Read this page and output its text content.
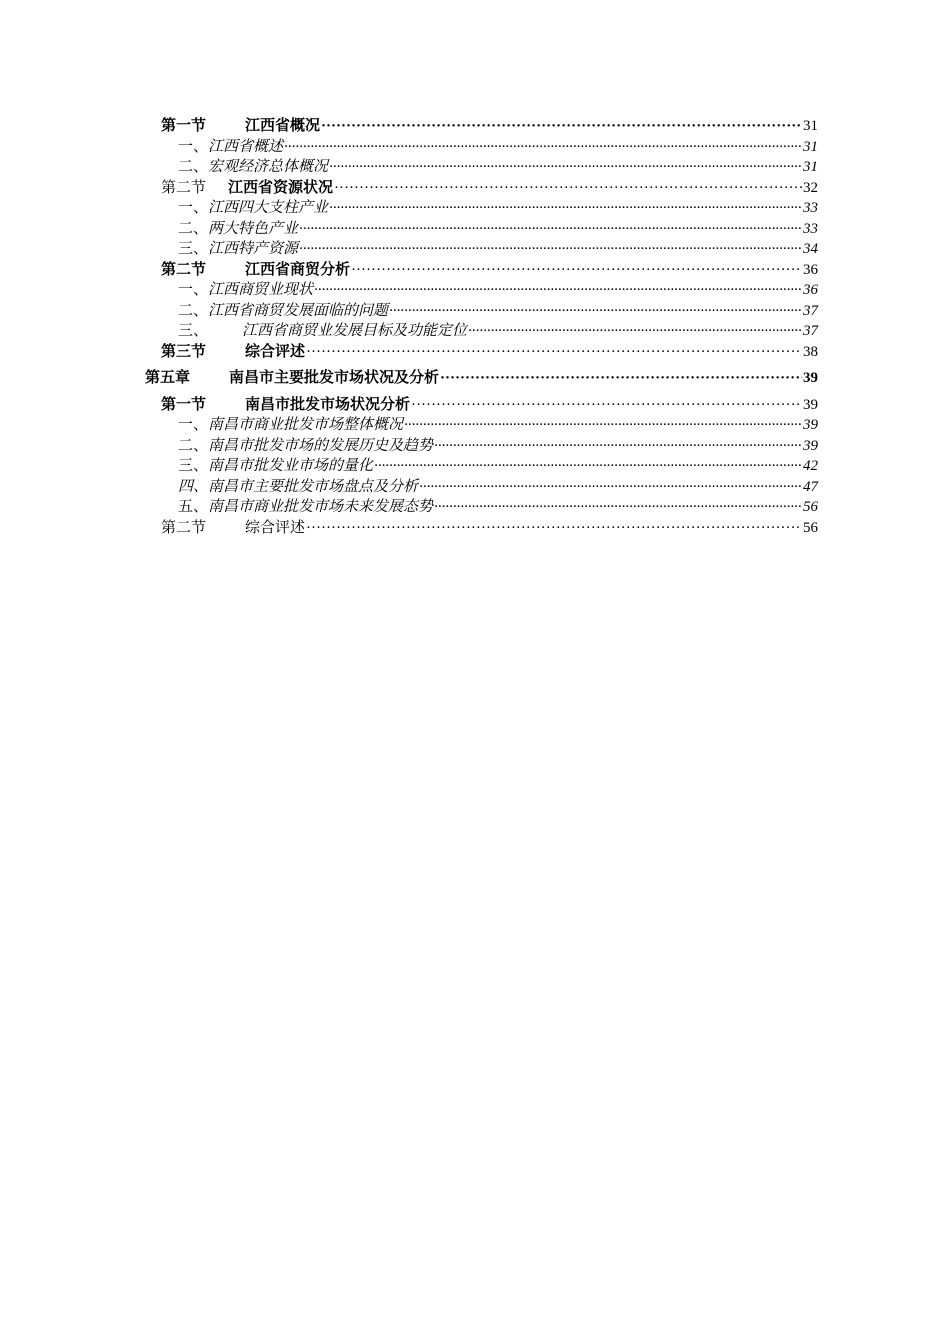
第一节	江西省概况 ·····	31
一、江西省概述 ·····	31
二、宏观经济总体概况 ·····	31
第二节 江西省资源状况 ·····	32
一、江西四大支柱产业 ·····	33
二、两大特色产业 ·····	33
三、江西特产资源 ·····	34
第二节	江西省商贸分析 ·····	36
一、江西商贸业现状 ·····	36
二、江西省商贸发展面临的问题 ·····	37
三、 江西省商贸业发展目标及功能定位 ·····	37
第三节	综合评述 ·····	38
第五章	南昌市主要批发市场状况及分析 ·····	39
第一节	南昌市批发市场状况分析 ·····	39
一、南昌市商业批发市场整体概况 ·····	39
二、南昌市批发市场的发展历史及趋势 ·····	39
三、南昌市批发业市场的量化 ·····	42
四、南昌市主要批发市场盘点及分析 ·····	47
五、南昌市商业批发市场未来发展态势 ·····	56
第二节	综合评述 ·····	56
